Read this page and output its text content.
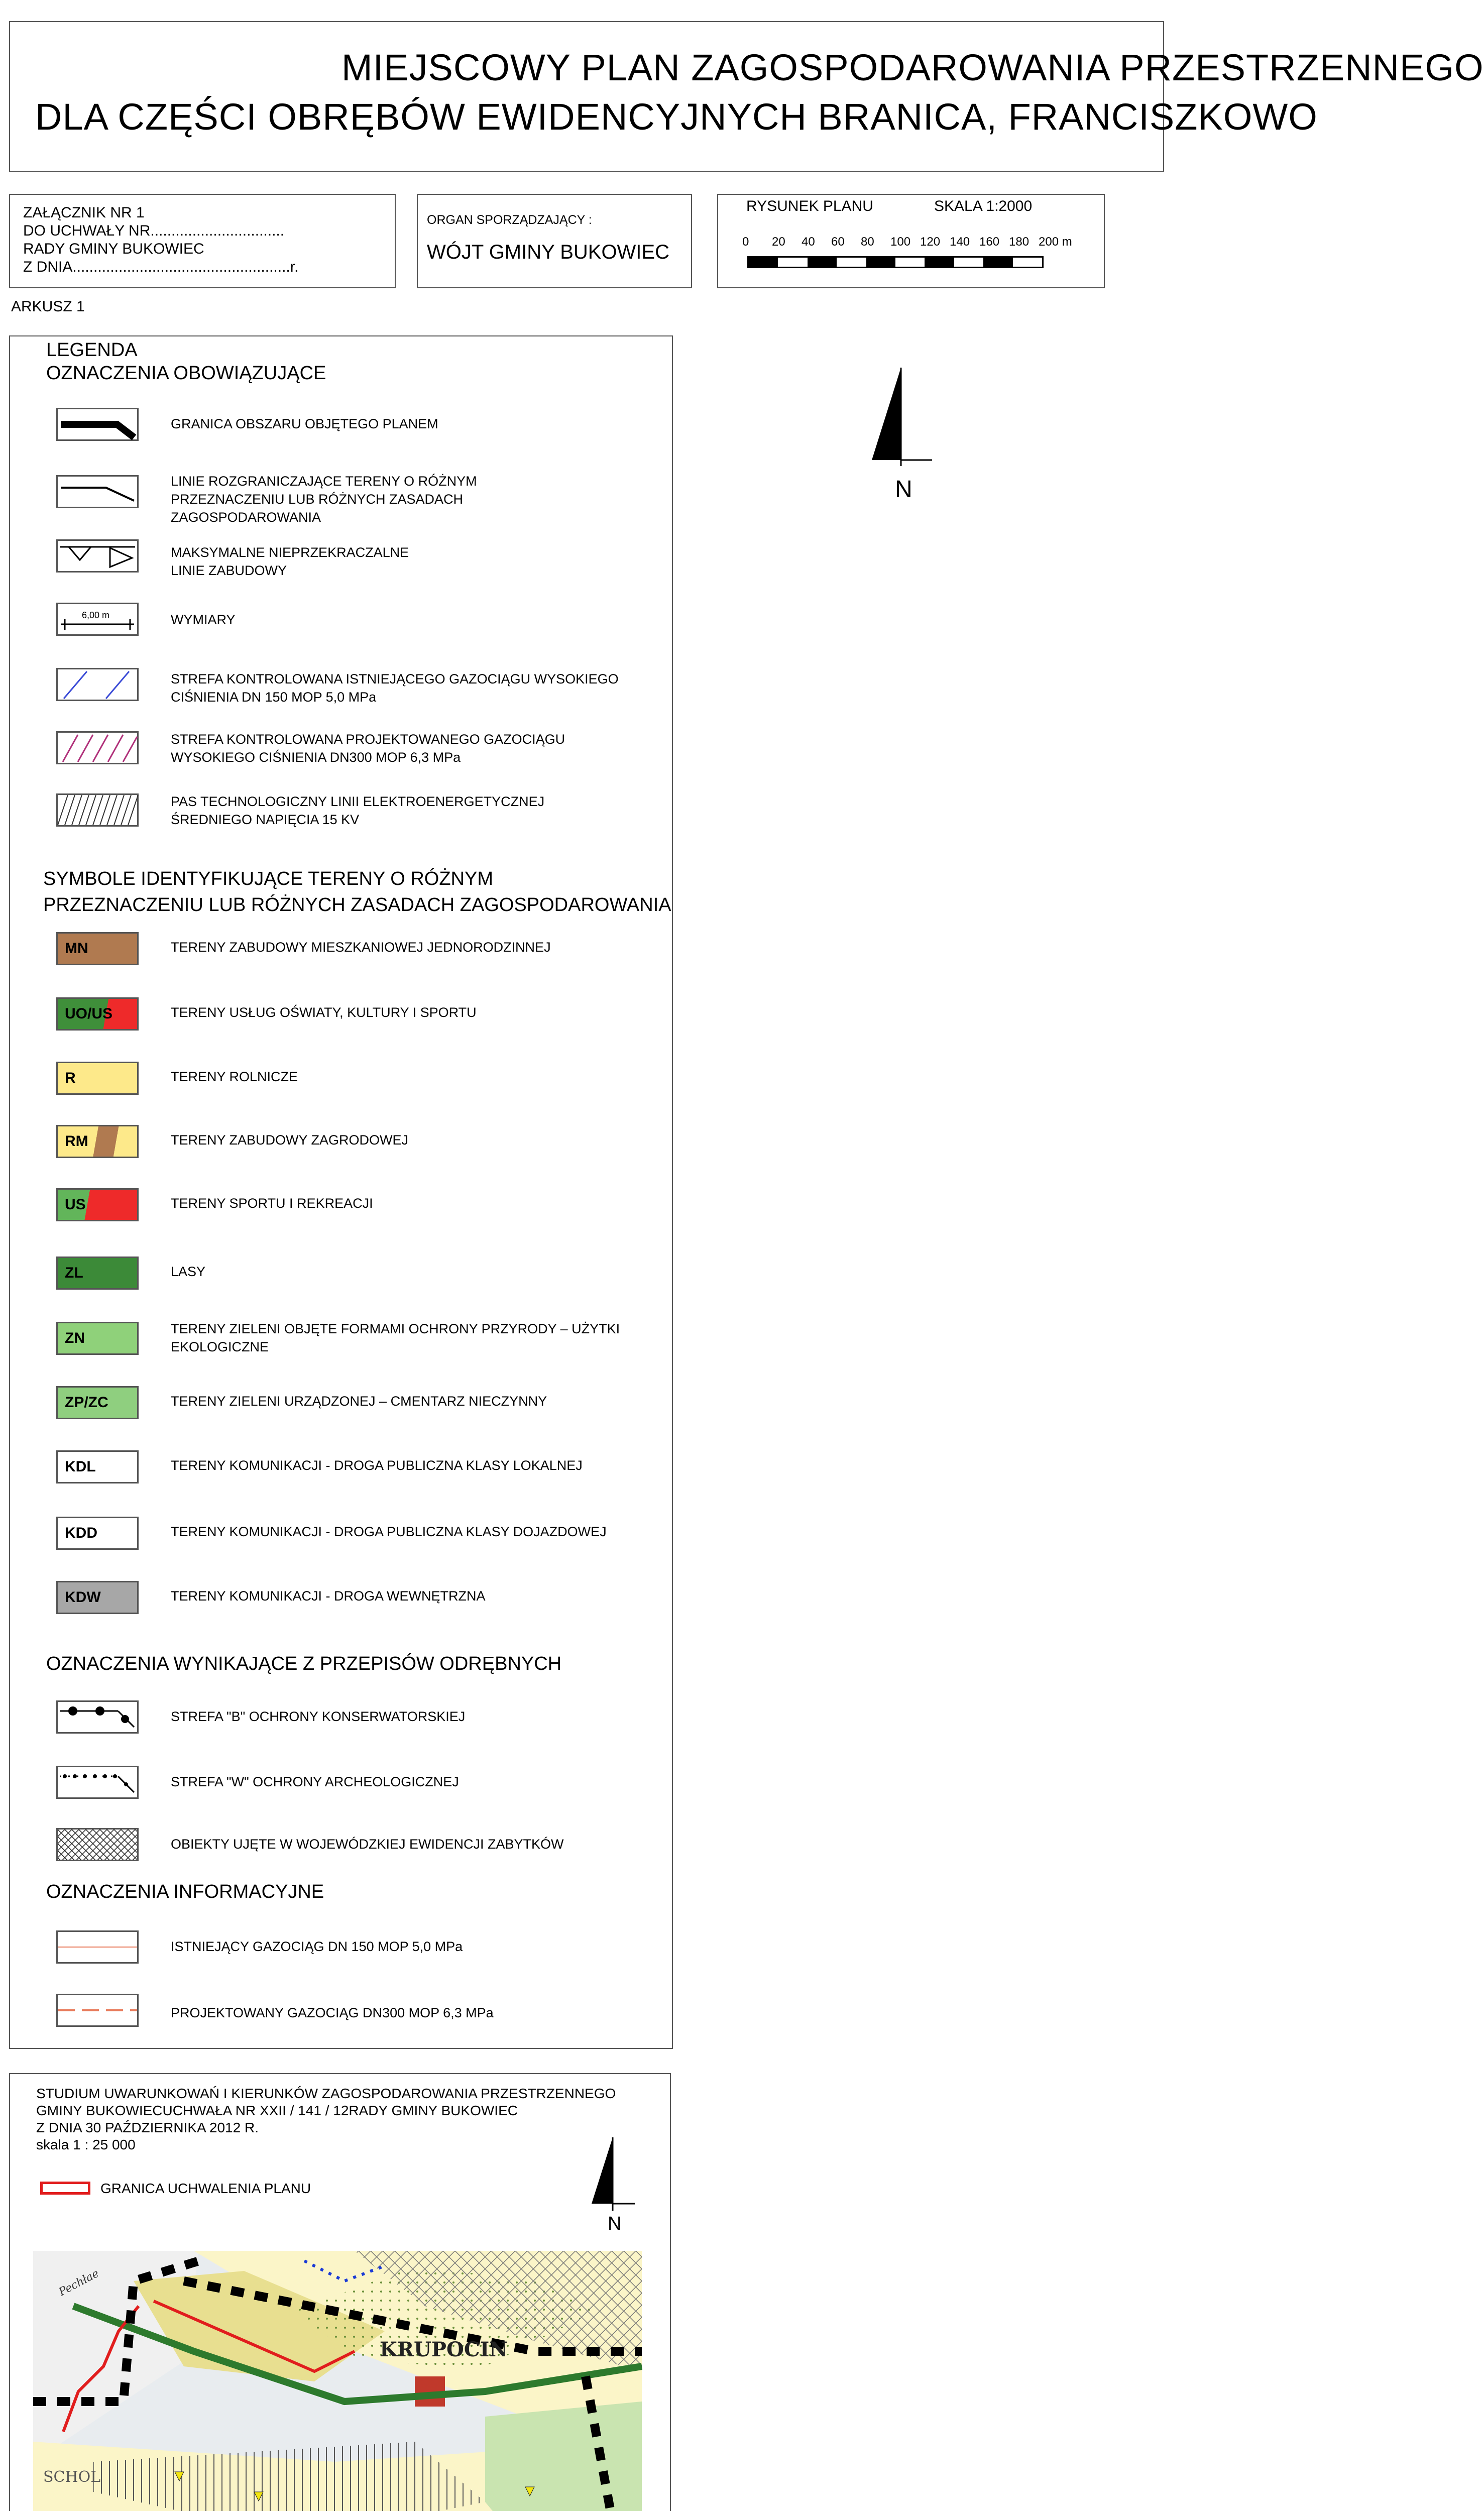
MIEJSCOWY PLAN ZAGOSPODAROWANIA PRZESTRZENNEGO
DLA CZĘŚCI OBRĘBÓW EWIDENCYJNYCH BRANICA, FRANCISZKOWO
ZAŁĄCZNIK NR 1
DO UCHWAŁY NR................................
RADY GMINY BUKOWIEC
Z DNIA....................................................r.
ORGAN SPORZĄDZAJĄCY :
WÓJT GMINY BUKOWIEC
RYSUNEK PLANU	SKALA 1:2000
0 20 40 60 80 100 120 140 160 180 200 m
ARKUSZ 1
N
LEGENDA
OZNACZENIA OBOWIĄZUJĄCE
GRANICA OBSZARU OBJĘTEGO PLANEM
LINIE ROZGRANICZAJĄCE TERENY O RÓŻNYM
PRZEZNACZENIU LUB RÓŻNYCH ZASADACH
ZAGOSPODAROWANIA
MAKSYMALNE NIEPRZEKRACZALNE
LINIE ZABUDOWY
6,00 m	WYMIARY
STREFA KONTROLOWANA ISTNIEJĄCEGO GAZOCIĄGU WYSOKIEGO
CIŚNIENIA DN 150 MOP 5,0 MPa
STREFA KONTROLOWANA PROJEKTOWANEGO GAZOCIĄGU
WYSOKIEGO CIŚNIENIA DN300 MOP 6,3 MPa
PAS TECHNOLOGICZNY LINII ELEKTROENERGETYCZNEJ
ŚREDNIEGO NAPIĘCIA 15 KV
SYMBOLE IDENTYFIKUJĄCE TERENY O RÓŻNYM
PRZEZNACZENIU LUB RÓŻNYCH ZASADACH ZAGOSPODAROWANIA
MN	TERENY ZABUDOWY MIESZKANIOWEJ JEDNORODZINNEJ
UO/US	TERENY USŁUG OŚWIATY, KULTURY I SPORTU
R	TERENY ROLNICZE
RM	TERENY ZABUDOWY ZAGRODOWEJ
US	TERENY SPORTU I REKREACJI
ZL	LASY
ZN
TERENY ZIELENI OBJĘTE FORMAMI OCHRONY PRZYRODY – UŻYTKI
EKOLOGICZNE
ZP/ZC	TERENY ZIELENI URZĄDZONEJ – CMENTARZ NIECZYNNY
KDL	TERENY KOMUNIKACJI - DROGA PUBLICZNA KLASY LOKALNEJ
KDD	TERENY KOMUNIKACJI - DROGA PUBLICZNA KLASY DOJAZDOWEJ
KDW	TERENY KOMUNIKACJI - DROGA WEWNĘTRZNA
OZNACZENIA WYNIKAJĄCE Z PRZEPISÓW ODRĘBNYCH
STREFA "B" OCHRONY KONSERWATORSKIEJ
STREFA "W" OCHRONY ARCHEOLOGICZNEJ
OBIEKTY UJĘTE W WOJEWÓDZKIEJ EWIDENCJI ZABYTKÓW
OZNACZENIA INFORMACYJNE
ISTNIEJĄCY GAZOCIĄG DN 150 MOP 5,0 MPa
PROJEKTOWANY GAZOCIĄG DN300 MOP 6,3 MPa
STUDIUM UWARUNKOWAŃ I KIERUNKÓW ZAGOSPODAROWANIA PRZESTRZENNEGO
GMINY BUKOWIECUCHWAŁA NR XXII / 141 / 12RADY GMINY BUKOWIEC
Z DNIA 30 PAŹDZIERNIKA 2012 R.
skala 1 : 25 000
GRANICA UCHWALENIA PLANU
N
KRUPOCIN
Pechłae
SCHOL
